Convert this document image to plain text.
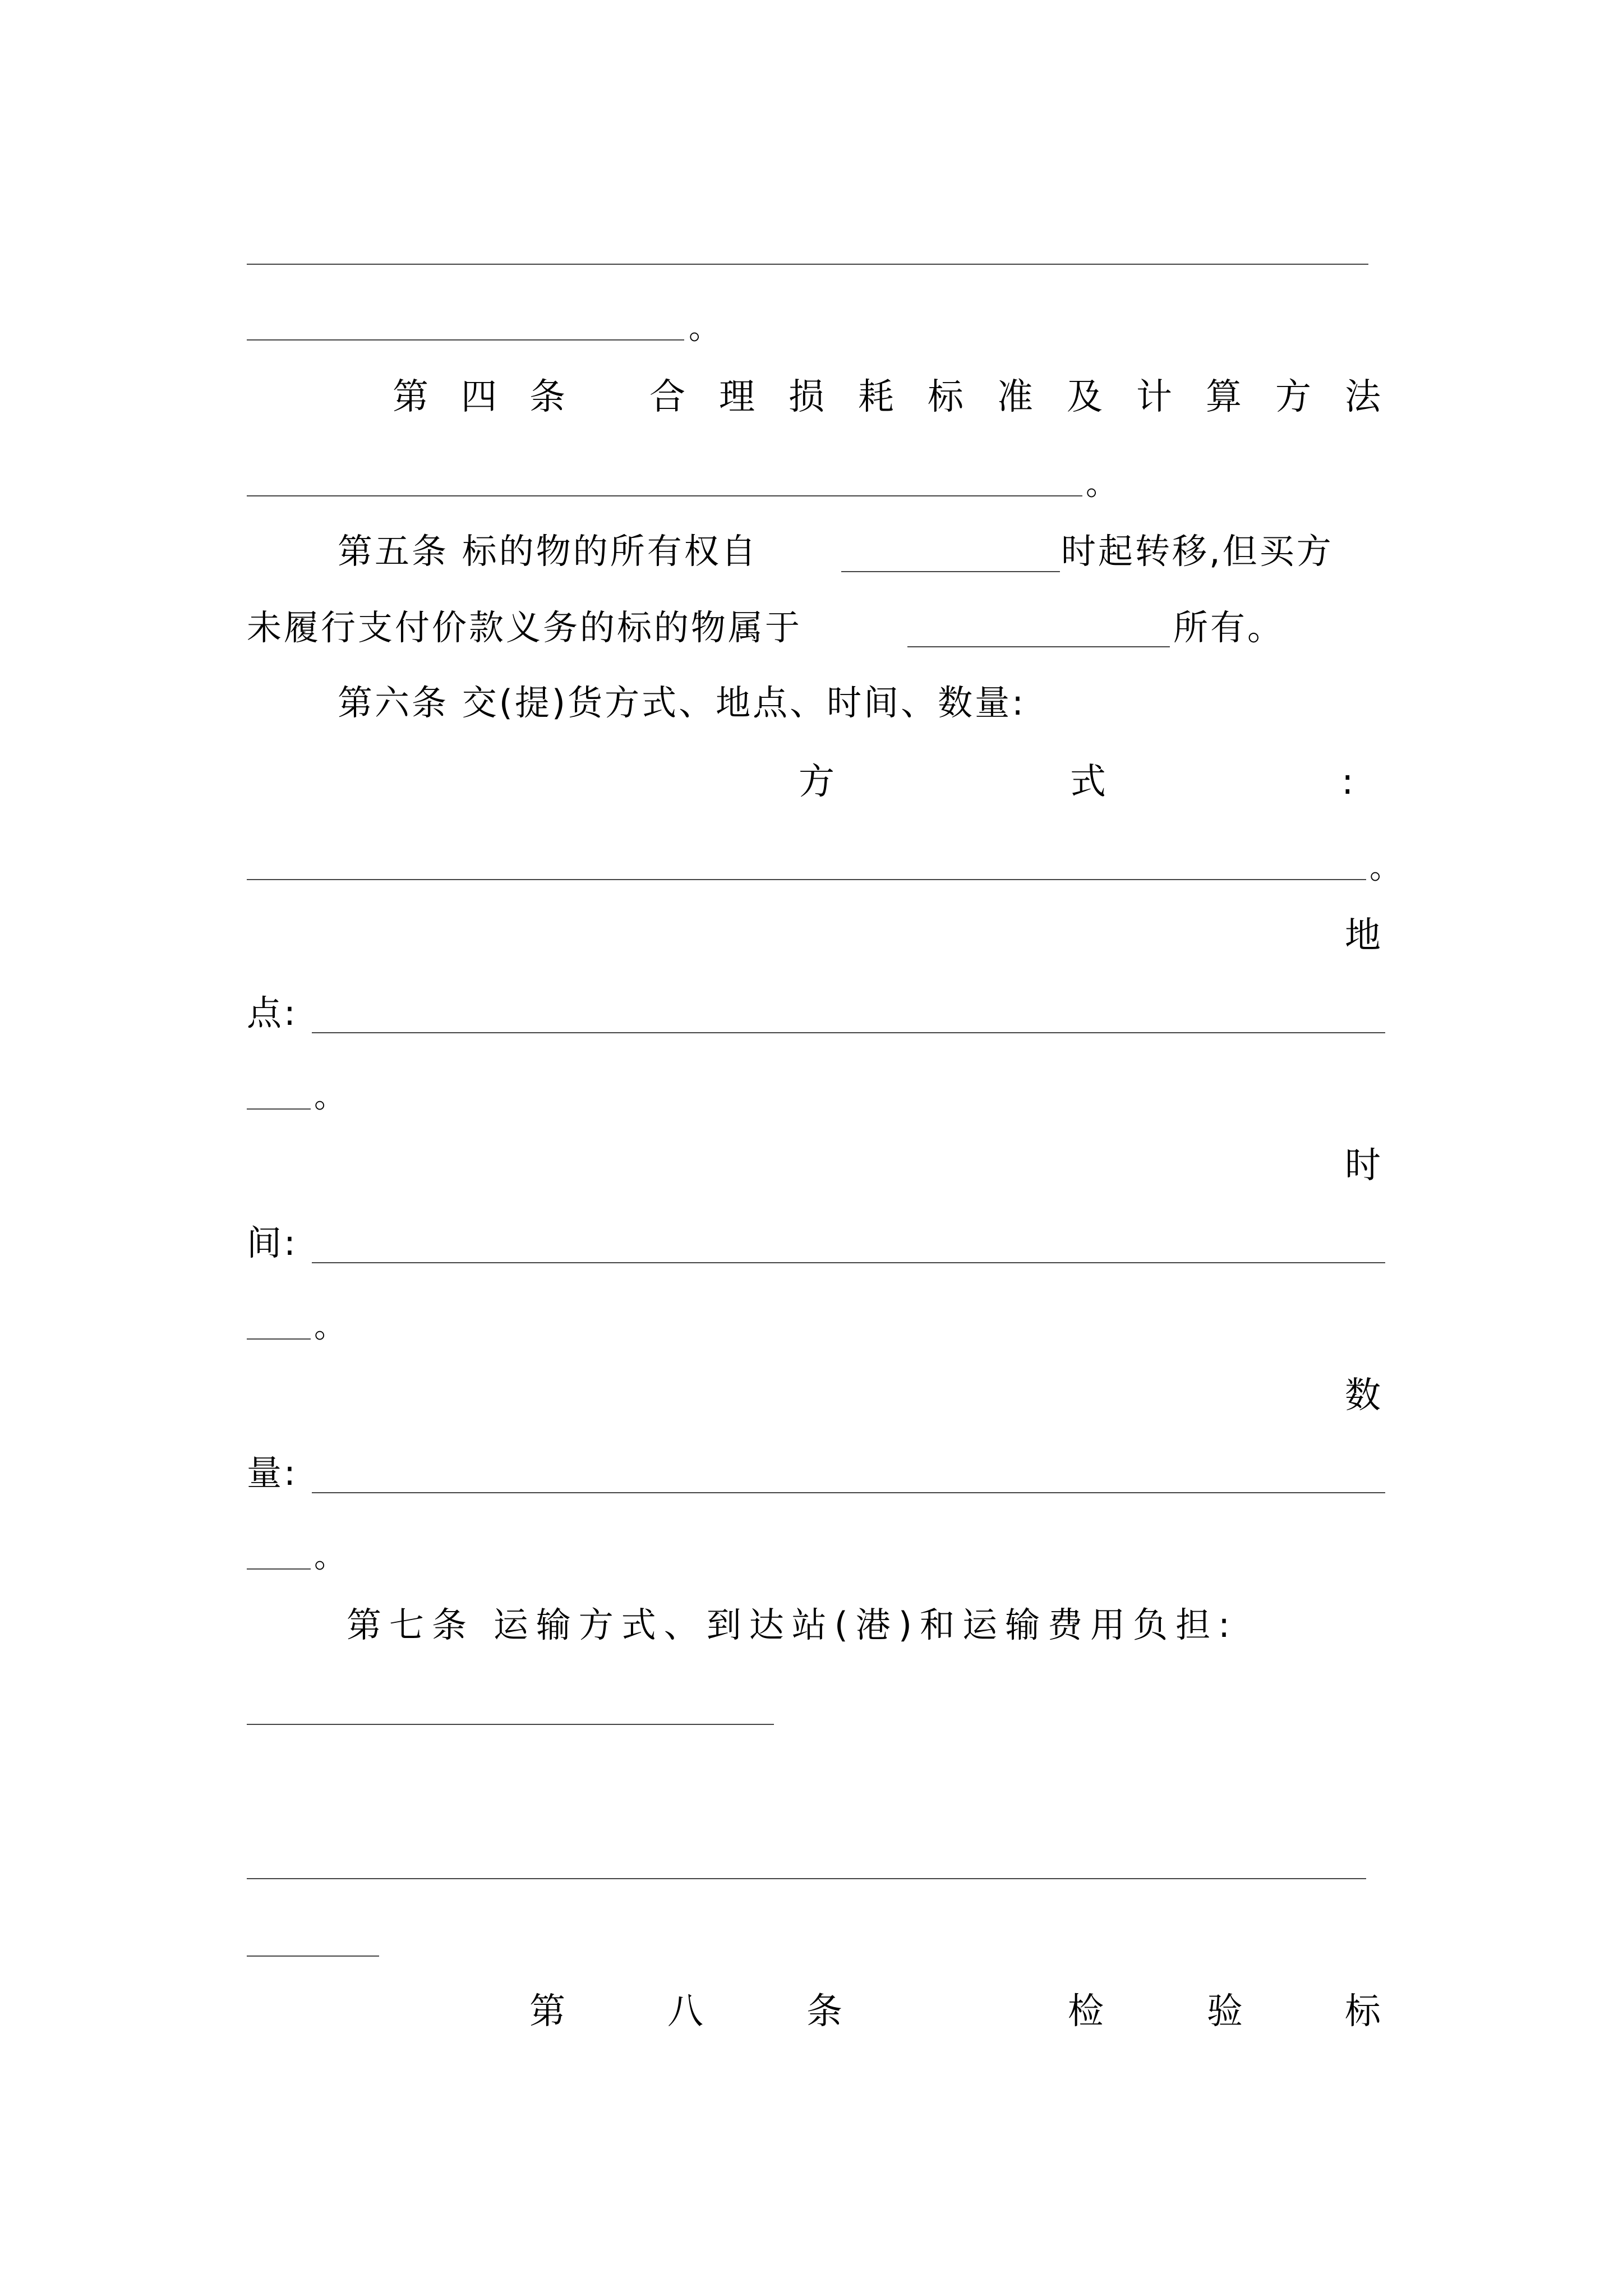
。
第 四 条 合 理 损 耗 标 准 及 计 算 方 法
。
第五条 标的物的所有权自	时起转移,但买方
未履行支付价款义务的标的物属于	所有。
第六条 交(提)货方式、地点、时间、数量:
方	式	:
。
地
点:
。
时
间:
。
数
量:
。
第七条 运输方式、到达站(港)和运输费用负担:
第	八	条	检	验	标
